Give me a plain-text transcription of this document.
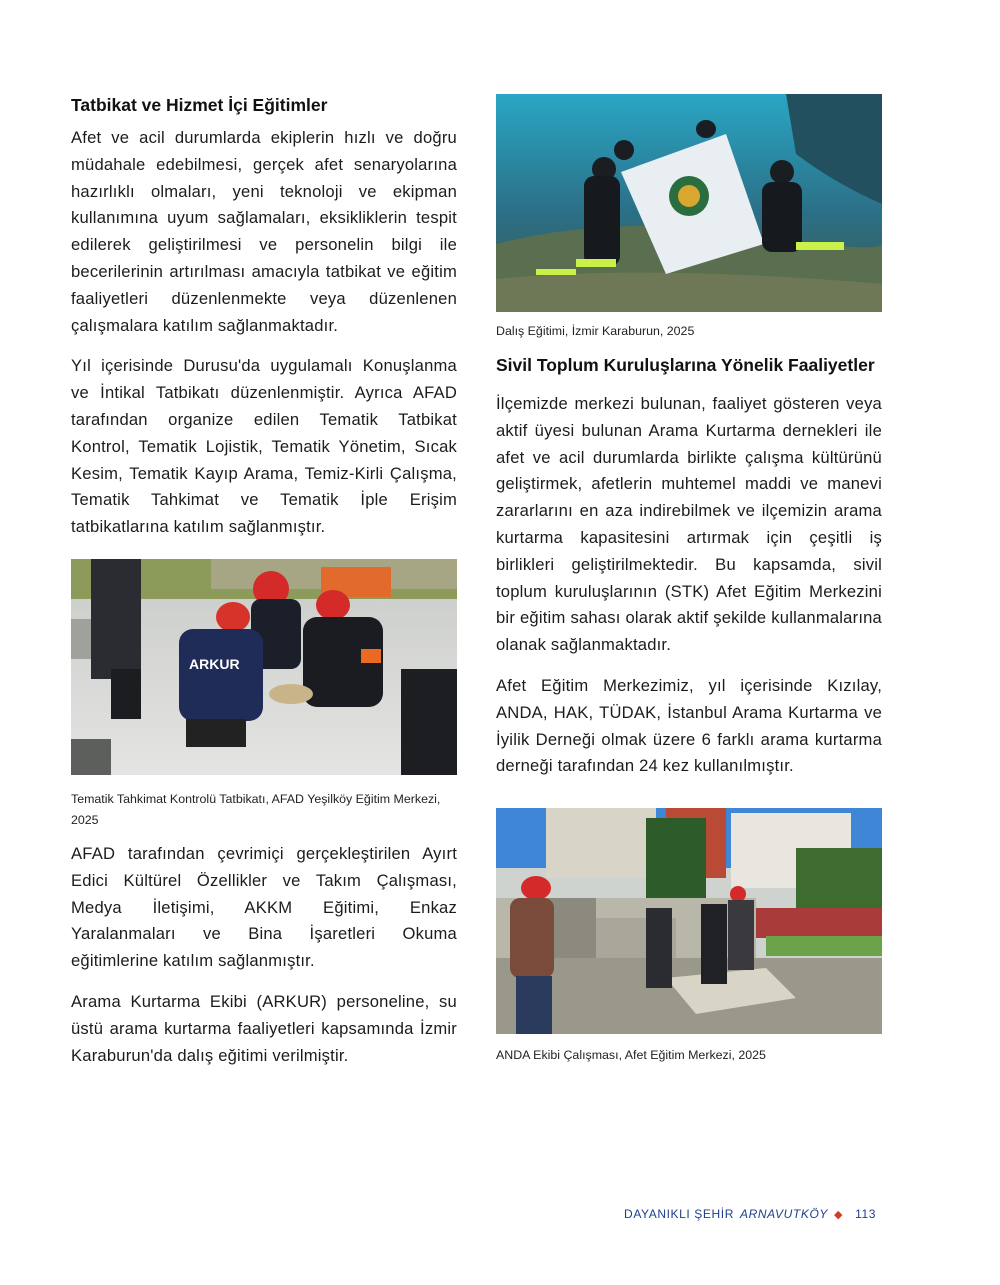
Tatbikat ve Hizmet İçi Eğitimler

Afet ve acil durumlarda ekiplerin hızlı ve doğru müdahale edebilmesi, gerçek afet senaryolarına hazırlıklı olmaları, yeni teknoloji ve ekipman kullanımına uyum sağlamaları, eksikliklerin tespit edilerek geliştirilmesi ve personelin bilgi ile becerilerinin artırılması amacıyla tatbikat ve eğitim faaliyetleri düzenlenmekte veya düzenlenen çalışmalara katılım sağlanmaktadır.

Yıl içerisinde Durusu'da uygulamalı Konuşlanma ve İntikal Tatbikatı düzenlenmiştir. Ayrıca AFAD tarafından organize edilen Tematik Tatbikat Kontrol, Tematik Lojistik, Tematik Yönetim, Sıcak Kesim, Tematik Kayıp Arama, Temiz-Kirli Çalışma, Tematik Tahkimat ve Tematik İple Erişim tatbikatlarına katılım sağlanmıştır.

ARKUR

Tematik Tahkimat Kontrolü Tatbikatı, AFAD Yeşilköy Eğitim Merkezi, 2025

AFAD tarafından çevrimiçi gerçekleştirilen Ayırt Edici Kültürel Özellikler ve Takım Çalışması, Medya İletişimi, AKKM Eğitimi, Enkaz Yaralanmaları ve Bina İşaretleri Okuma eğitimlerine katılım sağlanmıştır.

Arama Kurtarma Ekibi (ARKUR) personeline, su üstü arama kurtarma faaliyetleri kapsamında İzmir Karaburun'da dalış eğitimi verilmiştir.

Dalış Eğitimi, İzmir Karaburun, 2025

Sivil Toplum Kuruluşlarına Yönelik Faaliyetler

İlçemizde merkezi bulunan, faaliyet gösteren veya aktif üyesi bulunan Arama Kurtarma dernekleri ile afet ve acil durumlarda birlikte çalışma kültürünü geliştirmek, afetlerin muhtemel maddi ve manevi zararlarını en aza indirebilmek ve ilçemizin arama kurtarma kapasitesini artırmak için çeşitli iş birlikleri geliştirilmektedir. Bu kapsamda, sivil toplum kuruluşlarının (STK) Afet Eğitim Merkezini bir eğitim sahası olarak aktif şekilde kullanmalarına olanak sağlanmaktadır.

Afet Eğitim Merkezimiz, yıl içerisinde Kızılay, ANDA, HAK, TÜDAK, İstanbul Arama Kurtarma ve İyilik Derneği olmak üzere 6 farklı arama kurtarma derneği tarafından 24 kez kullanılmıştır.

ANDA Ekibi Çalışması, Afet Eğitim Merkezi, 2025

DAYANIKLI ŞEHİR ARNAVUTKÖY ◆ 113
